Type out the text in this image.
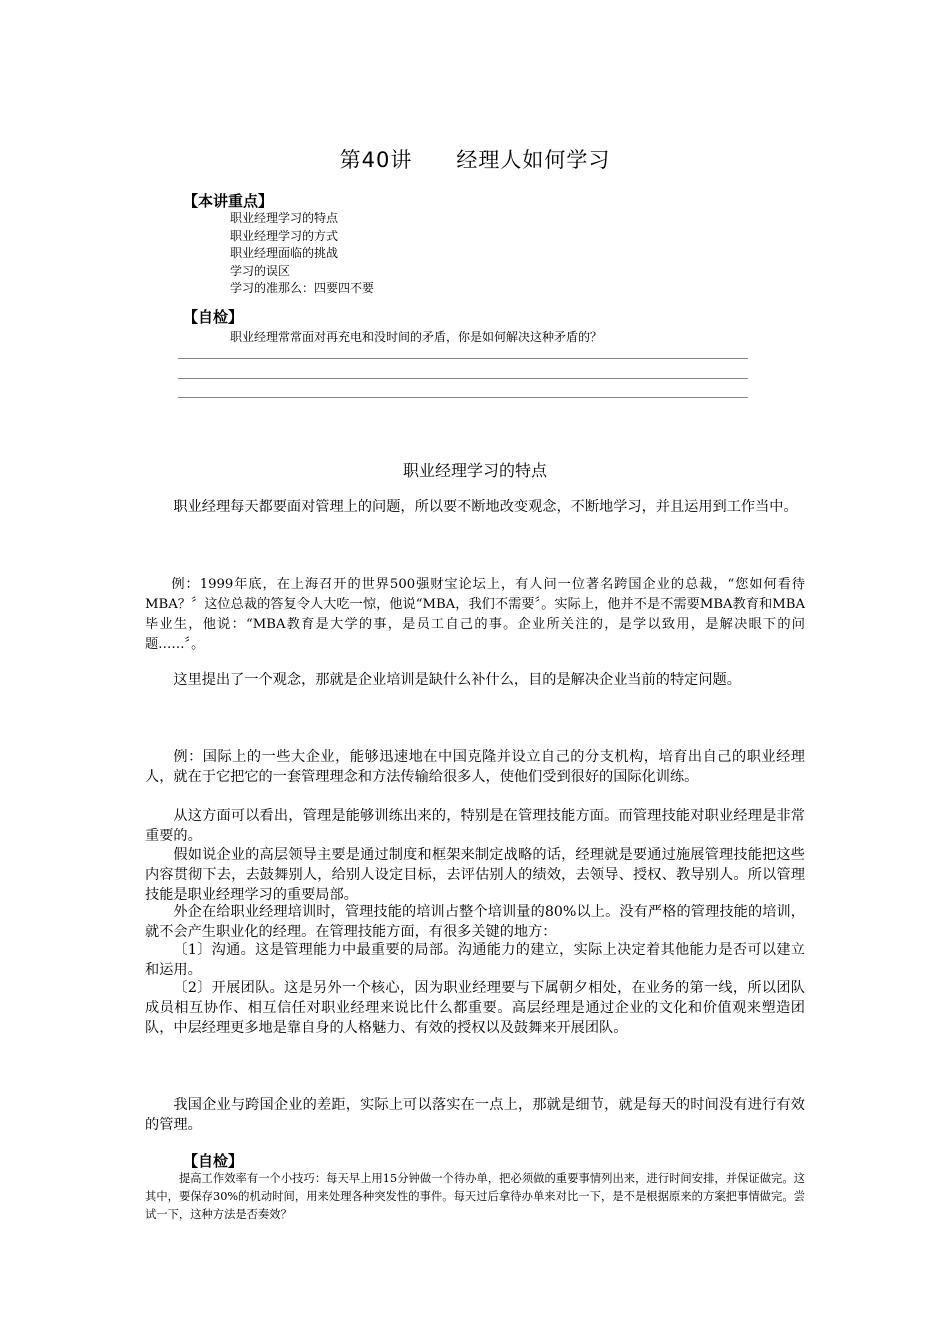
第40讲　　经理人如何学习
【本讲重点】
职业经理学习的特点
职业经理学习的方式
职业经理面临的挑战
学习的误区
学习的准那么：四要四不要
【自检】
职业经理常常面对再充电和没时间的矛盾，你是如何解决这种矛盾的？
职业经理学习的特点

职业经理每天都要面对管理上的问题，所以要不断地改变观念，不断地学习，并且运用到工作当中。

例：1999年底，在上海召开的世界500强财宝论坛上，有人问一位著名跨国企业的总裁，“您如何看待MBA？〞这位总裁的答复令人大吃一惊，他说“MBA，我们不需要〞。实际上，他并不是不需要MBA教育和MBA毕业生，他说：“MBA教育是大学的事，是员工自己的事。企业所关注的，是学以致用，是解决眼下的问题……〞。

这里提出了一个观念，那就是企业培训是缺什么补什么，目的是解决企业当前的特定问题。

例：国际上的一些大企业，能够迅速地在中国克隆并设立自己的分支机构，培育出自己的职业经理人，就在于它把它的一套管理理念和方法传输给很多人，使他们受到很好的国际化训练。

从这方面可以看出，管理是能够训练出来的，特别是在管理技能方面。而管理技能对职业经理是非常重要的。

假如说企业的高层领导主要是通过制度和框架来制定战略的话，经理就是要通过施展管理技能把这些内容贯彻下去，去鼓舞别人，给别人设定目标，去评估别人的绩效，去领导、授权、教导别人。所以管理技能是职业经理学习的重要局部。

外企在给职业经理培训时，管理技能的培训占整个培训量的80%以上。没有严格的管理技能的培训，就不会产生职业化的经理。在管理技能方面，有很多关键的地方：

〔1〕沟通。这是管理能力中最重要的局部。沟通能力的建立，实际上决定着其他能力是否可以建立和运用。

〔2〕开展团队。这是另外一个核心，因为职业经理要与下属朝夕相处，在业务的第一线，所以团队成员相互协作、相互信任对职业经理来说比什么都重要。高层经理是通过企业的文化和价值观来塑造团队，中层经理更多地是靠自身的人格魅力、有效的授权以及鼓舞来开展团队。

我国企业与跨国企业的差距，实际上可以落实在一点上，那就是细节，就是每天的时间没有进行有效的管理。

【自检】

提高工作效率有一个小技巧：每天早上用15分钟做一个待办单，把必须做的重要事情列出来，进行时间安排，并保证做完。这其中，要保存30%的机动时间，用来处理各种突发性的事件。每天过后拿待办单来对比一下，是不是根据原来的方案把事情做完。尝试一下，这种方法是否奏效？
